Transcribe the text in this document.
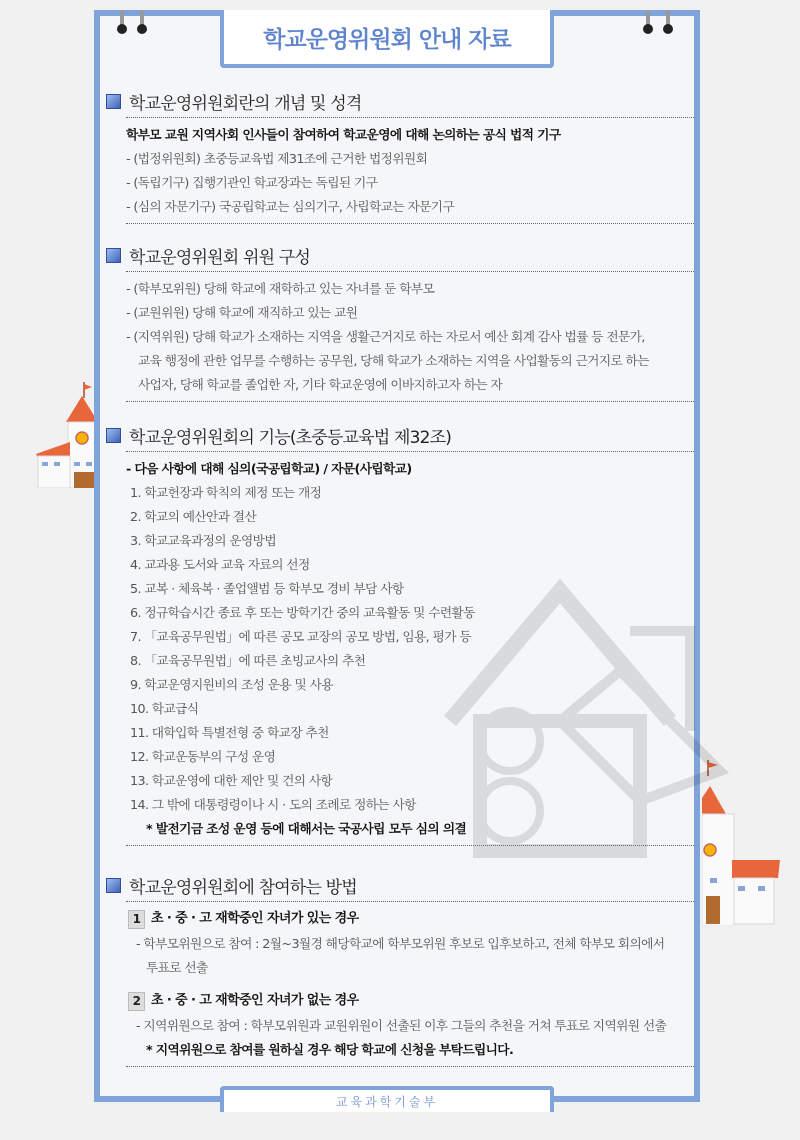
학교운영위원회 안내 자료
교육과학기술부
학교운영위원회란의 개념 및 성격
학부모 교원 지역사회 인사들이 참여하여 학교운영에 대해 논의하는 공식 법적 기구
- (법정위원회) 초중등교육법 제31조에 근거한 법정위원회
- (독립기구) 집행기관인 학교장과는 독립된 기구
- (심의 자문기구) 국공립학교는 심의기구, 사립학교는 자문기구
학교운영위원회 위원 구성
- (학부모위원) 당해 학교에 재학하고 있는 자녀를 둔 학부모
- (교원위원) 당해 학교에 재직하고 있는 교원
- (지역위원) 당해 학교가 소재하는 지역을 생활근거지로 하는 자로서 예산 회계 감사 법률 등 전문가,
교육 행정에 관한 업무를 수행하는 공무원, 당해 학교가 소재하는 지역을 사업활동의 근거지로 하는
사업자, 당해 학교를 졸업한 자, 기타 학교운영에 이바지하고자 하는 자
학교운영위원회의 기능(초중등교육법 제32조)
- 다음 사항에 대해 심의(국공립학교) / 자문(사립학교)
1. 학교헌장과 학칙의 제정 또는 개정
2. 학교의 예산안과 결산
3. 학교교육과정의 운영방법
4. 교과용 도서와 교육 자료의 선정
5. 교복 · 체육복 · 졸업앨범 등 학부모 경비 부담 사항
6. 정규학습시간 종료 후 또는 방학기간 중의 교육활동 및 수련활동
7. 「교육공무원법」에 따른 공모 교장의 공모 방법, 임용, 평가 등
8. 「교육공무원법」에 따른 초빙교사의 추천
9. 학교운영지원비의 조성 운용 및 사용
10. 학교급식
11. 대학입학 특별전형 중 학교장 추천
12. 학교운동부의 구성 운영
13. 학교운영에 대한 제안 및 건의 사항
14. 그 밖에 대통령령이나 시 · 도의 조례로 정하는 사항
* 발전기금 조성 운영 등에 대해서는 국공사립 모두 심의 의결
학교운영위원회에 참여하는 방법
1 초 · 중 · 고 재학중인 자녀가 있는 경우
- 학부모위원으로 참여 : 2월~3월경 해당학교에 학부모위원 후보로 입후보하고, 전체 학부모 회의에서
투표로 선출
2 초 · 중 · 고 재학중인 자녀가 없는 경우
- 지역위원으로 참여 : 학부모위원과 교원위원이 선출된 이후 그들의 추천을 거쳐 투표로 지역위원 선출
* 지역위원으로 참여를 원하실 경우 해당 학교에 신청을 부탁드립니다.
